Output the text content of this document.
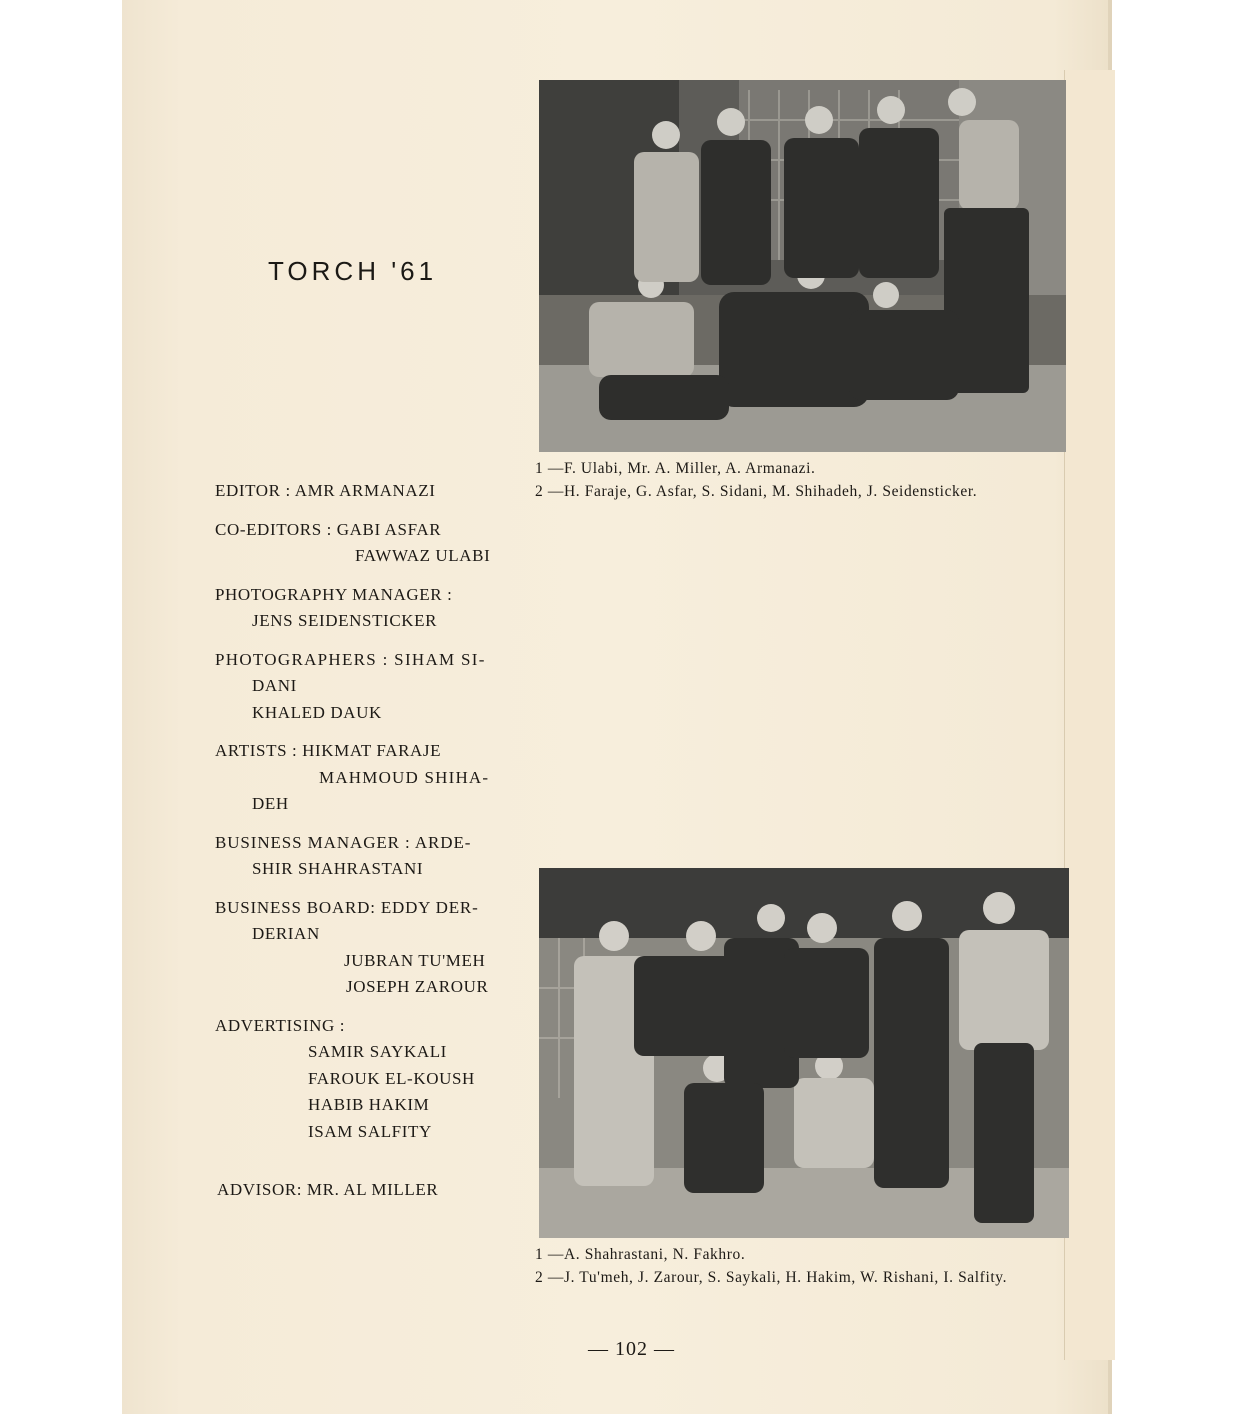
TORCH '61
EDITOR : AMR ARMANAZI
CO-EDITORS : GABI ASFAR
FAWWAZ ULABI
PHOTOGRAPHY MANAGER :
JENS SEIDENSTICKER
PHOTOGRAPHERS : SIHAM SI-
DANI
KHALED DAUK
ARTISTS : HIKMAT FARAJE
MAHMOUD SHIHA-
DEH
BUSINESS MANAGER : ARDE-
SHIR SHAHRASTANI
BUSINESS BOARD: EDDY DER-
DERIAN
JUBRAN TU'MEH
JOSEPH ZAROUR
ADVERTISING :
SAMIR SAYKALI
FAROUK EL-KOUSH
HABIB HAKIM
ISAM SALFITY
ADVISOR: MR. AL MILLER
1 — F. Ulabi, Mr. A. Miller, A. Armanazi.
2 — H. Faraje, G. Asfar, S. Sidani, M. Shihadeh, J. Seidensticker.
1 — A. Shahrastani, N. Fakhro.
2 — J. Tu'meh, J. Zarour, S. Saykali, H. Hakim, W. Rishani, I. Salfity.
— 102 —
